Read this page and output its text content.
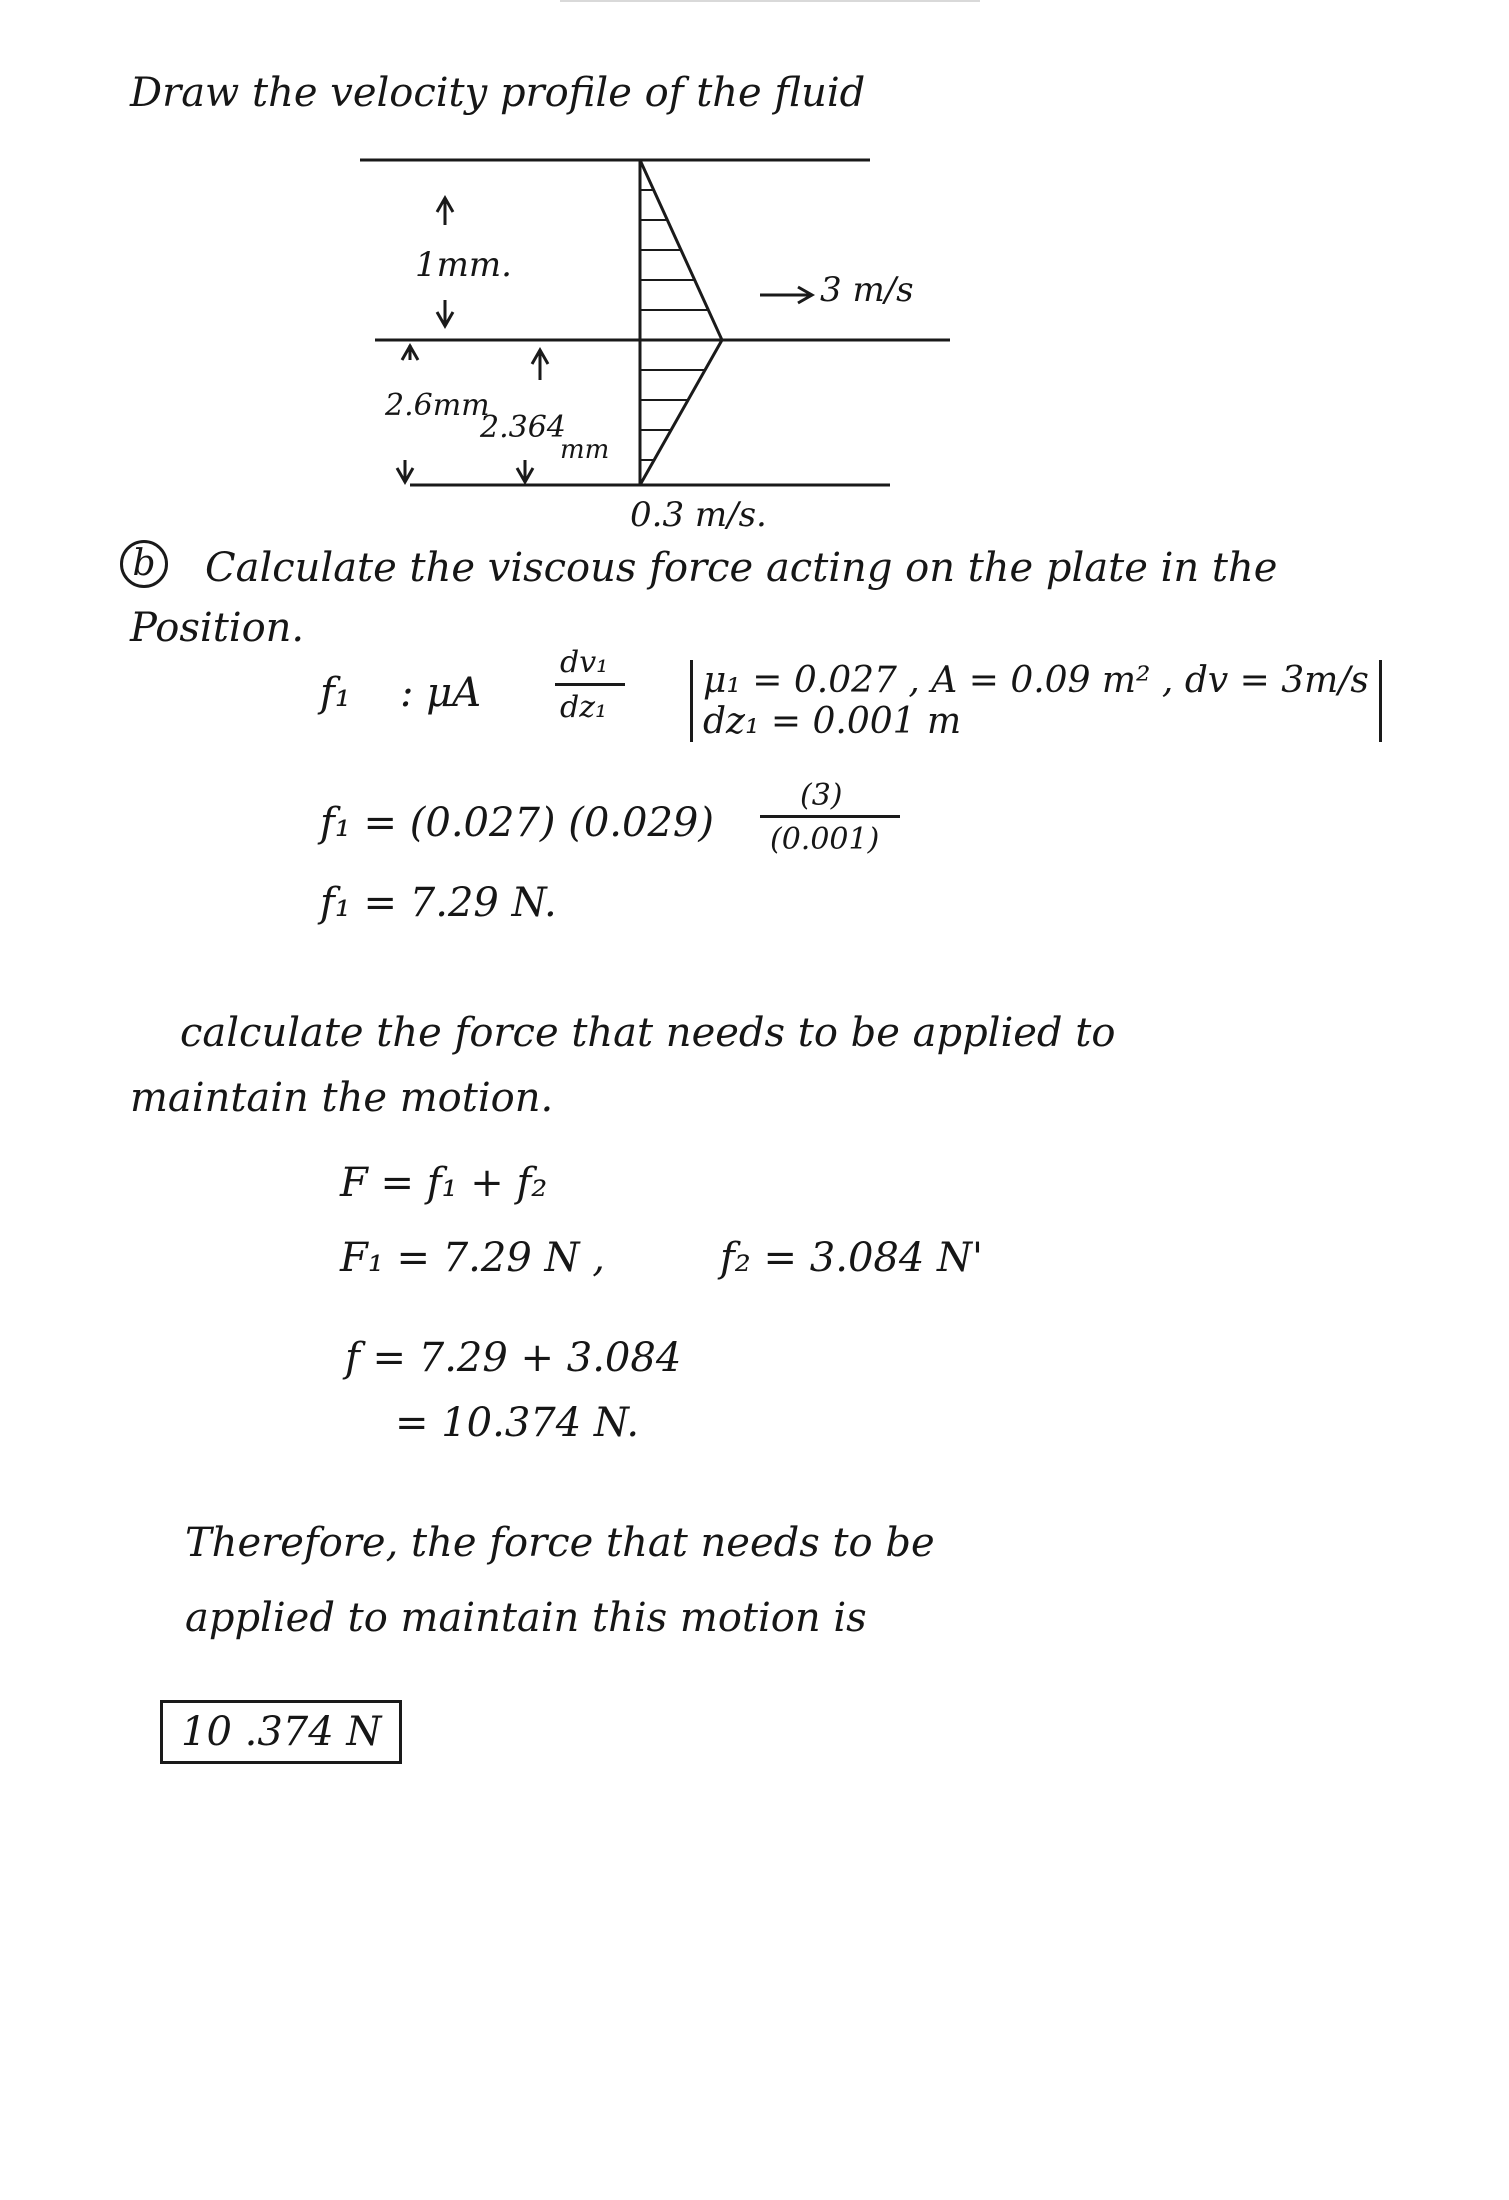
Draw the velocity profile of the fluid
1mm.
3 m/s
2.6mm
2.364
mm
0.3 m/s.
b	Calculate the viscous force acting on the plate in the
Position.
f₁ : μA
dv₁
dz₁
μ₁ = 0.027 , A = 0.09 m² , dv = 3m/s
dz₁ = 0.001 m
f₁ = (0.027) (0.029)
(3)
(0.001)
f₁ = 7.29 N.
calculate the force that needs to be applied to
maintain the motion.
F = f₁ + f₂
F₁ = 7.29 N ,	f₂ = 3.084 N'
f = 7.29 + 3.084
= 10.374 N.
Therefore, the force that needs to be
applied to maintain this motion is
10 .374 N
